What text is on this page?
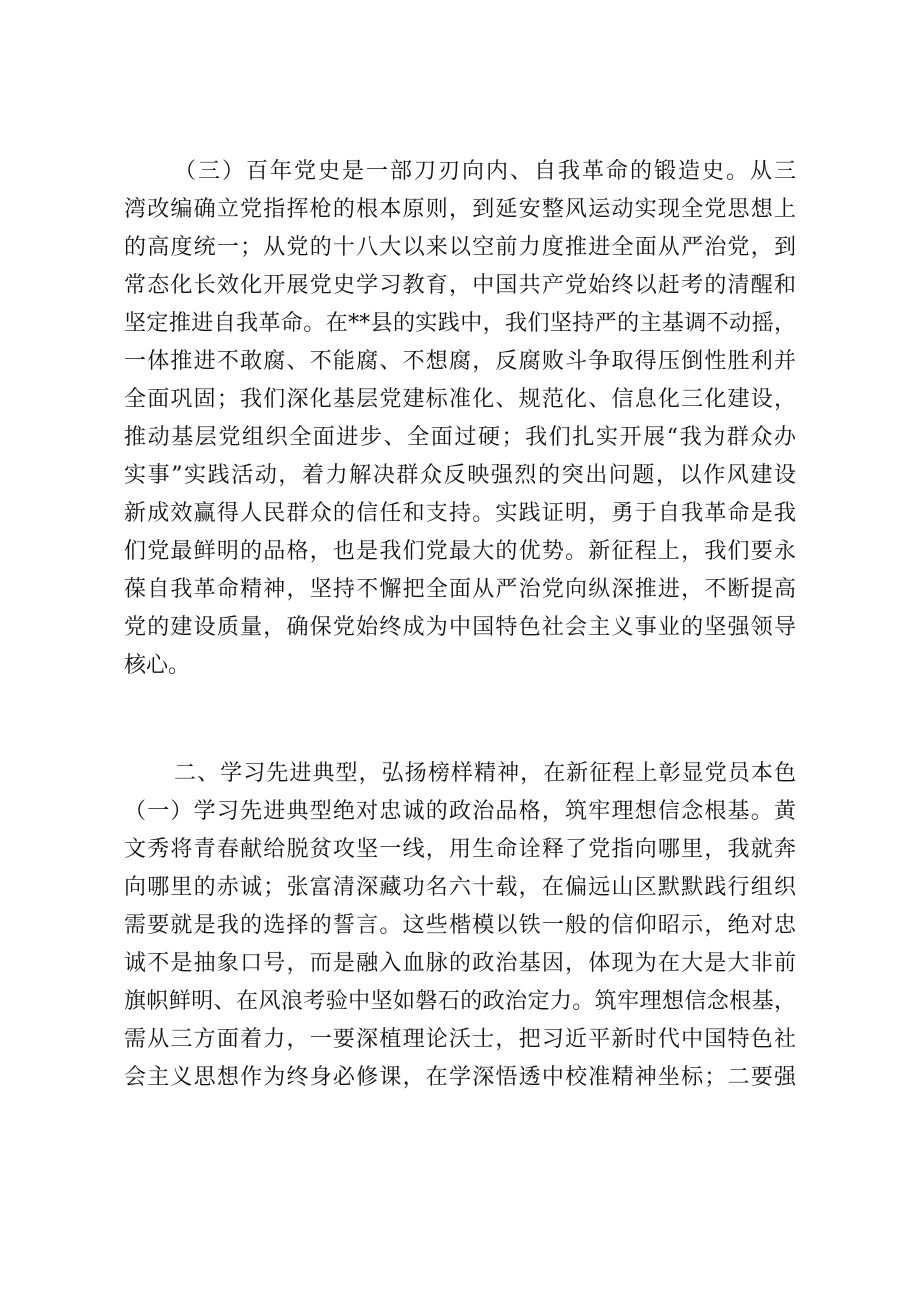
（三）百年党史是一部刀刃向内、自我革命的锻造史。从三
湾改编确立党指挥枪的根本原则，到延安整风运动实现全党思想上
的高度统一；从党的十八大以来以空前力度推进全面从严治党，到
常态化长效化开展党史学习教育，中国共产党始终以赶考的清醒和
坚定推进自我革命。在**县的实践中，我们坚持严的主基调不动摇，
一体推进不敢腐、不能腐、不想腐，反腐败斗争取得压倒性胜利并
全面巩固；我们深化基层党建标准化、规范化、信息化三化建设，
推动基层党组织全面进步、全面过硬；我们扎实开展“我为群众办
实事”实践活动，着力解决群众反映强烈的突出问题，以作风建设
新成效赢得人民群众的信任和支持。实践证明，勇于自我革命是我
们党最鲜明的品格，也是我们党最大的优势。新征程上，我们要永
葆自我革命精神，坚持不懈把全面从严治党向纵深推进，不断提高
党的建设质量，确保党始终成为中国特色社会主义事业的坚强领导
核心。
二、学习先进典型，弘扬榜样精神，在新征程上彰显党员本色
（一）学习先进典型绝对忠诚的政治品格，筑牢理想信念根基。黄
文秀将青春献给脱贫攻坚一线，用生命诠释了党指向哪里，我就奔
向哪里的赤诚；张富清深藏功名六十载，在偏远山区默默践行组织
需要就是我的选择的誓言。这些楷模以铁一般的信仰昭示，绝对忠
诚不是抽象口号，而是融入血脉的政治基因，体现为在大是大非前
旗帜鲜明、在风浪考验中坚如磐石的政治定力。筑牢理想信念根基，
需从三方面着力，一要深植理论沃士，把习近平新时代中国特色社
会主义思想作为终身必修课，在学深悟透中校准精神坐标；二要强
